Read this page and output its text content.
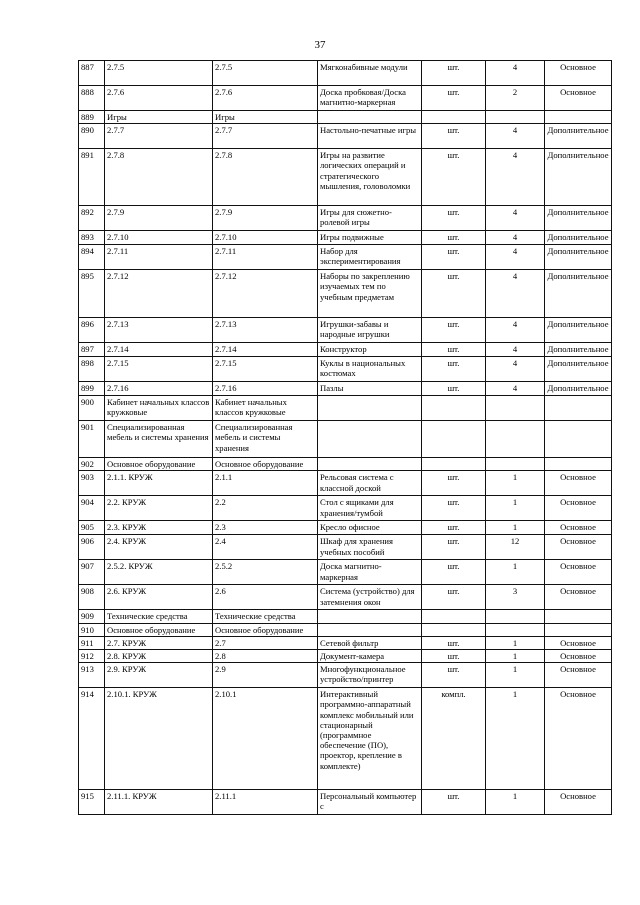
37
887	2.7.5	2.7.5	Мягконабивные модули	шт.	4	Основное
888	2.7.6	2.7.6	Доска пробковая/Доска магнитно-маркерная	шт.	2	Основное
889	Игры	Игры				
890	2.7.7	2.7.7	Настольно-печатные игры	шт.	4	Дополнительное
891	2.7.8	2.7.8	Игры на развитие логических операций и стратегического мышления, головоломки	шт.	4	Дополнительное
892	2.7.9	2.7.9	Игры для сюжетно-ролевой игры	шт.	4	Дополнительное
893	2.7.10	2.7.10	Игры подвижные	шт.	4	Дополнительное
894	2.7.11	2.7.11	Набор для экспериментирования	шт.	4	Дополнительное
895	2.7.12	2.7.12	Наборы по закреплению изучаемых тем по учебным предметам	шт.	4	Дополнительное
896	2.7.13	2.7.13	Игрушки-забавы и народные игрушки	шт.	4	Дополнительное
897	2.7.14	2.7.14	Конструктор	шт.	4	Дополнительное
898	2.7.15	2.7.15	Куклы в национальных костюмах	шт.	4	Дополнительное
899	2.7.16	2.7.16	Пазлы	шт.	4	Дополнительное
900	Кабинет начальных классов кружковые	Кабинет начальных классов кружковые				
901	Специализированная мебель и системы хранения	Специализированная мебель и системы хранения				
902	Основное оборудование	Основное оборудование				
903	2.1.1. КРУЖ	2.1.1	Рельсовая система с классной доской	шт.	1	Основное
904	2.2. КРУЖ	2.2	Стол с ящиками для хранения/тумбой	шт.	1	Основное
905	2.3. КРУЖ	2.3	Кресло офисное	шт.	1	Основное
906	2.4. КРУЖ	2.4	Шкаф для хранения учебных пособий	шт.	12	Основное
907	2.5.2. КРУЖ	2.5.2	Доска магнитно-маркерная	шт.	1	Основное
908	2.6. КРУЖ	2.6	Система (устройство) для затемнения окон	шт.	3	Основное
909	Технические средства	Технические средства				
910	Основное оборудование	Основное оборудование				
911	2.7. КРУЖ	2.7	Сетевой фильтр	шт.	1	Основное
912	2.8. КРУЖ	2.8	Документ-камера	шт.	1	Основное
913	2.9. КРУЖ	2.9	Многофункциональное устройство/принтер	шт.	1	Основное
914	2.10.1. КРУЖ	2.10.1	Интерактивный программно-аппаратный комплекс мобильный или стационарный (программное обеспечение (ПО), проектор, крепление в комплекте)	компл.	1	Основное
915	2.11.1. КРУЖ	2.11.1	Персональный компьютер с	шт.	1	Основное
